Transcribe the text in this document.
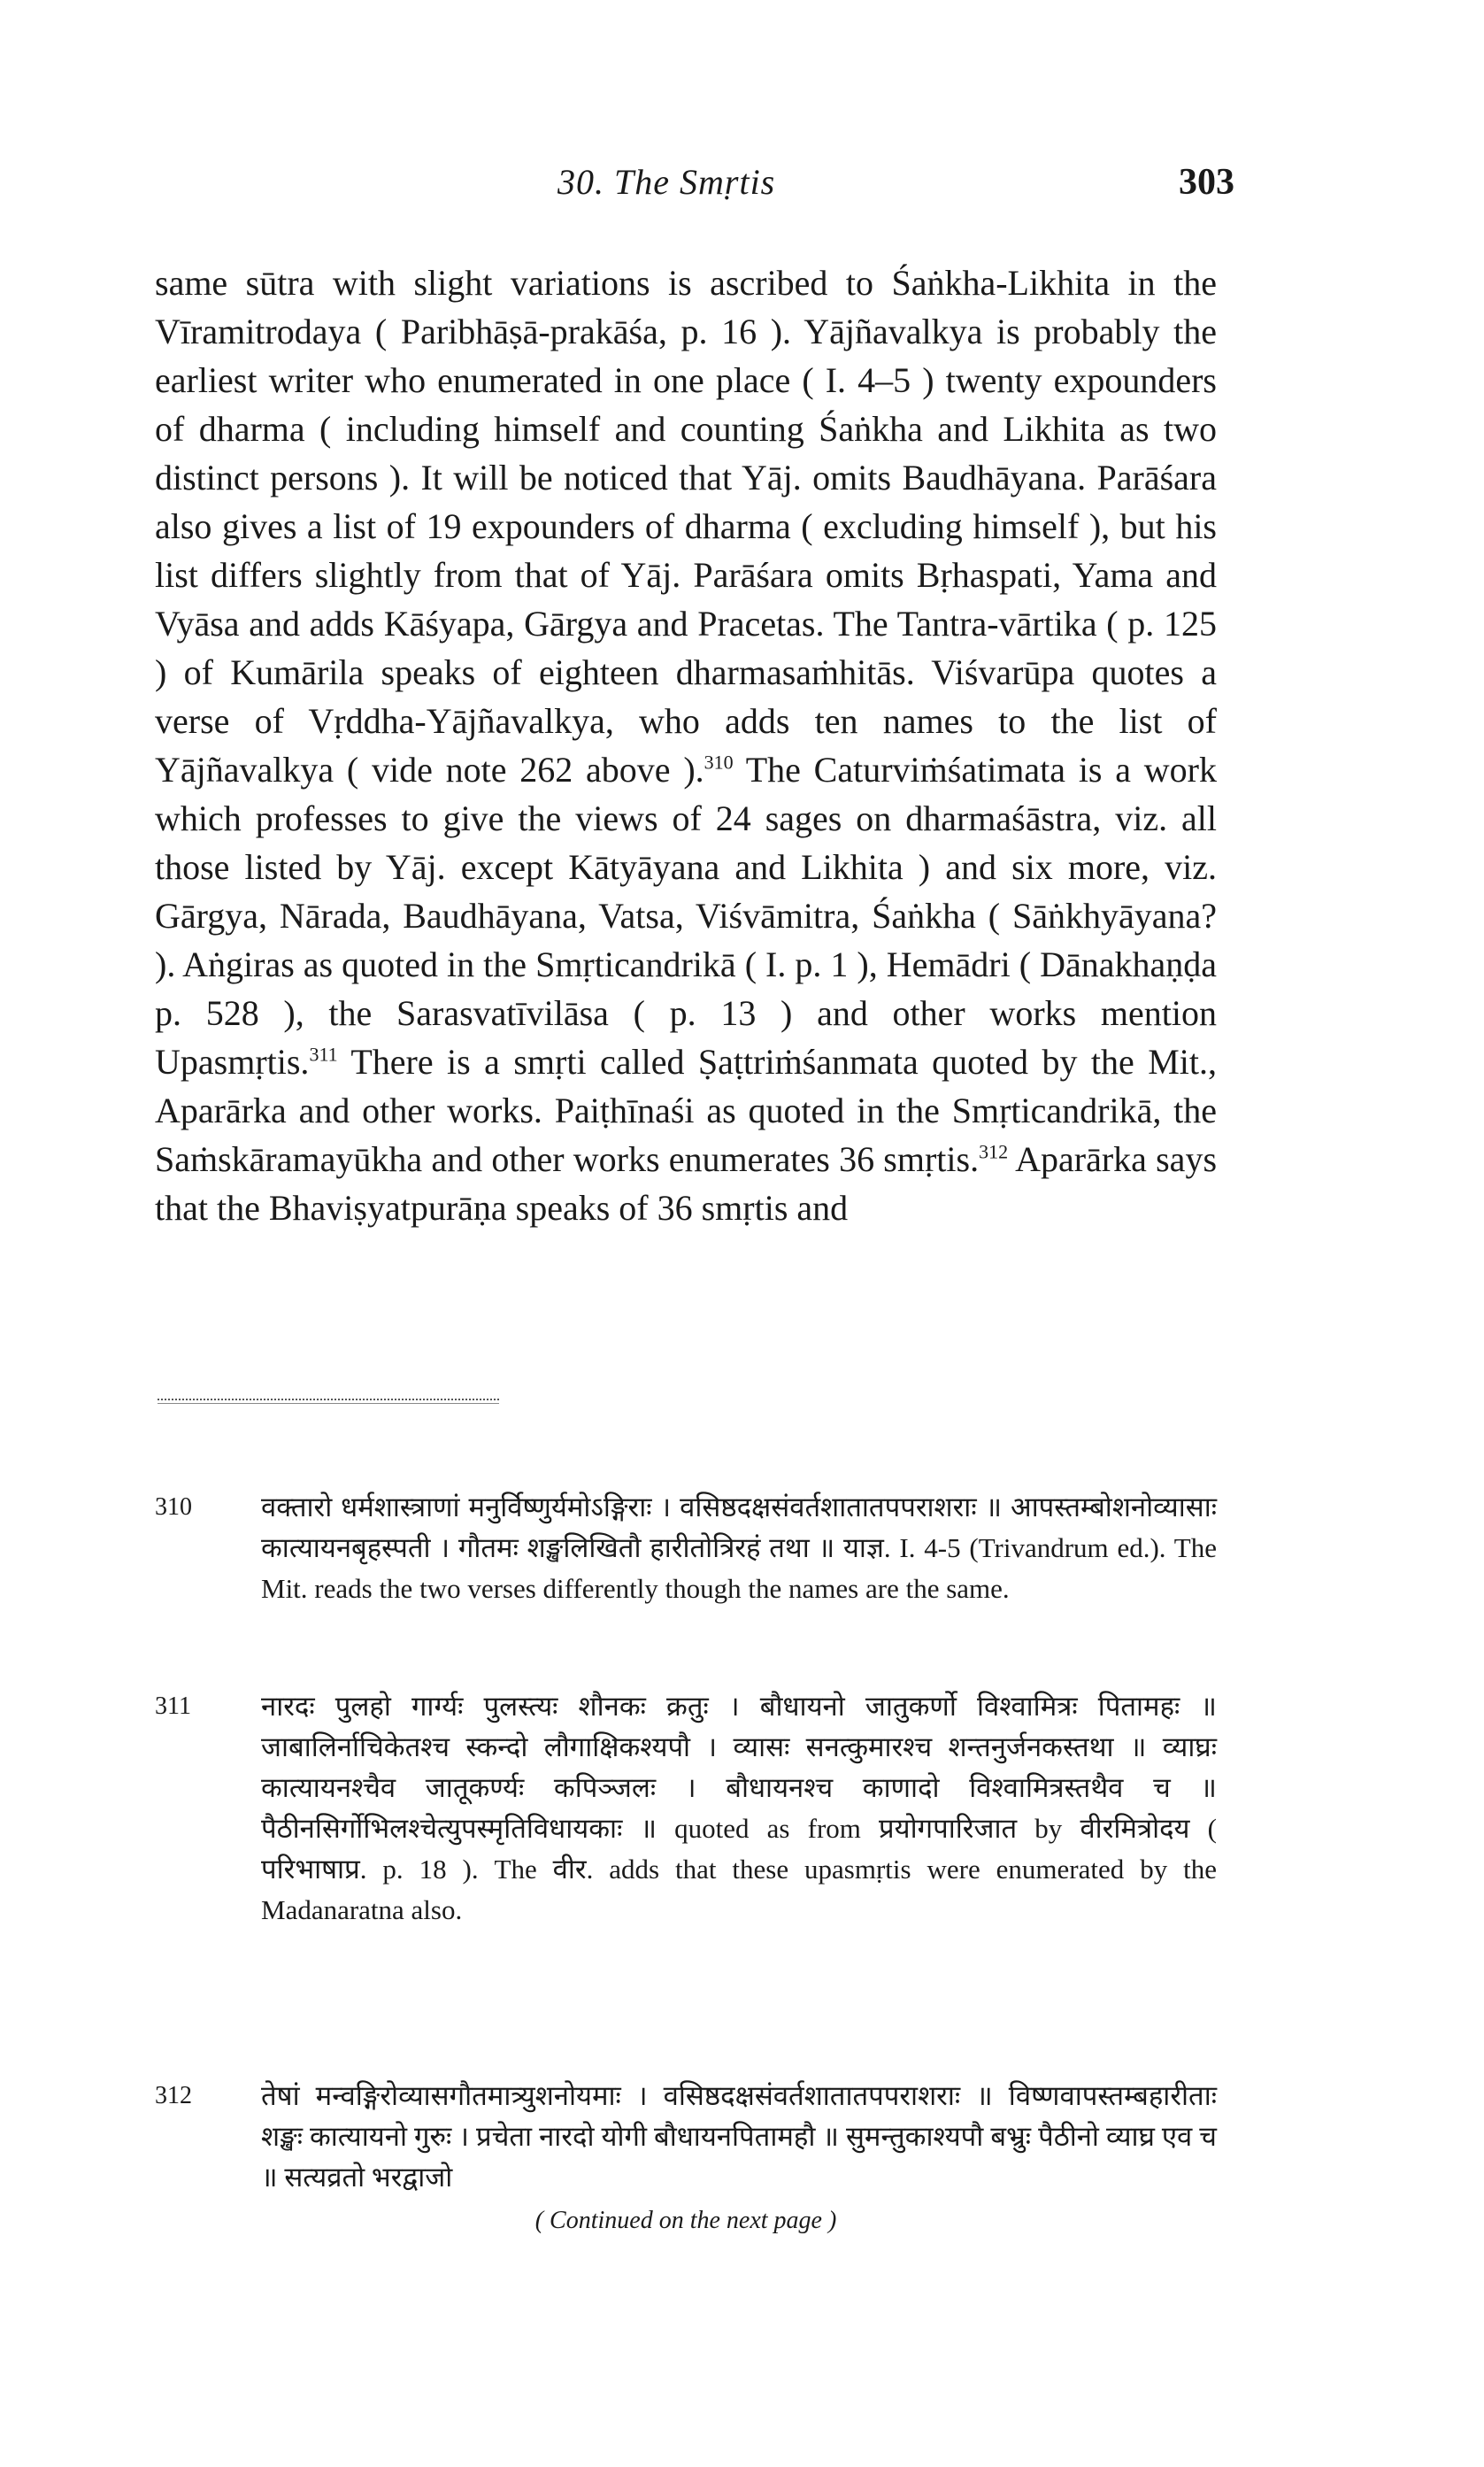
30. The Smṛtis	303
same sūtra with slight variations is ascribed to Śaṅkha-Likhita in the Vīramitrodaya ( Paribhāṣā-prakāśa, p. 16 ). Yājñavalkya is probably the earliest writer who enumerated in one place ( I. 4–5 ) twenty expounders of dharma ( including himself and counting Śaṅkha and Likhita as two distinct persons ). It will be noticed that Yāj. omits Baudhāyana. Parāśara also gives a list of 19 expounders of dharma ( excluding himself ), but his list differs slightly from that of Yāj. Parāśara omits Bṛhaspati, Yama and Vyāsa and adds Kāśyapa, Gārgya and Pracetas. The Tantra-vārtika ( p. 125 ) of Kumārila speaks of eighteen dharmasaṁhitās. Viśvarūpa quotes a verse of Vṛddha-Yājñavalkya, who adds ten names to the list of Yājñavalkya ( vide note 262 above ).$^{310}$ The Caturviṁśatimata is a work which professes to give the views of 24 sages on dharmaśāstra, viz. all those listed by Yāj. except Kātyāyana and Likhita ) and six more, viz. Gārgya, Nārada, Baudhāyana, Vatsa, Viśvāmitra, Śaṅkha ( Sāṅkhyāyana? ). Aṅgiras as quoted in the Smṛticandrikā ( I. p. 1 ), Hemādri ( Dānakhaṇḍa p. 528 ), the Sarasvatīvilāsa ( p. 13 ) and other works mention Upasmṛtis.$^{311}$ There is a smṛti called Ṣaṭtriṁśanmata quoted by the Mit., Aparārka and other works. Paiṭhīnaśi as quoted in the Smṛticandrikā, the Saṁskāramayūkha and other works enumerates 36 smṛtis.$^{312}$ Aparārka says that the Bhaviṣyatpurāṇa speaks of 36 smṛtis and
310	वक्तारो धर्मशास्त्राणां मनुर्विष्णुर्यमोऽङ्गिराः । वसिष्ठदक्षसंवर्तशातातपपराशराः ॥ आपस्तम्बोशनोव्यासाः कात्यायनबृहस्पती । गौतमः शङ्खलिखितौ हारीतोत्रिरहं तथा ॥ याज्ञ. I. 4-5 (Trivandrum ed.). The Mit. reads the two verses differently though the names are the same.
311	नारदः पुलहो गार्ग्यः पुलस्त्यः शौनकः क्रतुः । बौधायनो जातुकर्णो विश्वामित्रः पितामहः ॥ जाबालिर्नाचिकेतश्च स्कन्दो लौगाक्षिकश्यपौ । व्यासः सनत्कुमारश्च शन्तनुर्जनकस्तथा ॥ व्याघ्रः कात्यायनश्चैव जातूकर्ण्यः कपिञ्जलः । बौधायनश्च काणादो विश्वामित्रस्तथैव च ॥ पैठीनसिर्गोभिलश्चेत्युपस्मृतिविधायकाः ॥ quoted as from प्रयोगपारिजात by वीरमित्रोदय ( परिभाषाप्र. p. 18 ). The वीर. adds that these upasmṛtis were enumerated by the Madanaratna also.
312	तेषां मन्वङ्गिरोव्यासगौतमात्र्युशनोयमाः । वसिष्ठदक्षसंवर्तशातातपपराशराः ॥ विष्णवापस्तम्बहारीताः शङ्खः कात्यायनो गुरुः । प्रचेता नारदो योगी बौधायनपितामहौ ॥ सुमन्तुकाश्यपौ बभ्रुः पैठीनो व्याघ्र एव च ॥ सत्यव्रतो भरद्वाजो
( Continued on the next page )
